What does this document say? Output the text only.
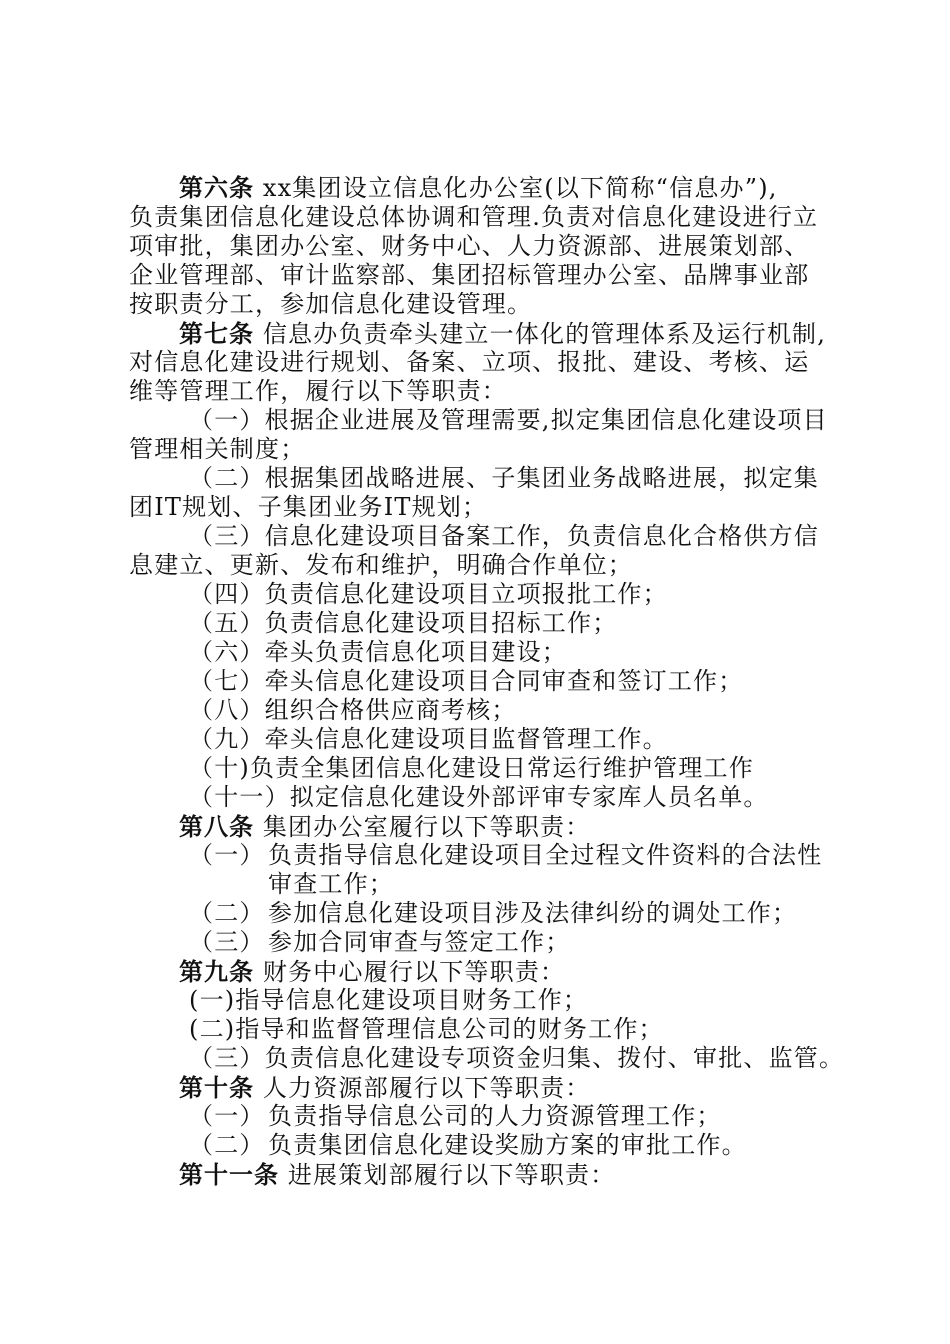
第六条 xx集团设立信息化办公室(以下简称“信息办”),
负责集团信息化建设总体协调和管理.负责对信息化建设进行立
项审批，集团办公室、财务中心、人力资源部、进展策划部、
企业管理部、审计监察部、集团招标管理办公室、品牌事业部
按职责分工，参加信息化建设管理。
第七条 信息办负责牵头建立一体化的管理体系及运行机制,
对信息化建设进行规划、备案、立项、报批、建设、考核、运
维等管理工作，履行以下等职责：
（一）根据企业进展及管理需要,拟定集团信息化建设项目
管理相关制度；
（二）根据集团战略进展、子集团业务战略进展，拟定集
团IT规划、子集团业务IT规划；
（三）信息化建设项目备案工作，负责信息化合格供方信
息建立、更新、发布和维护，明确合作单位；
（四）负责信息化建设项目立项报批工作；
（五）负责信息化建设项目招标工作；
（六）牵头负责信息化项目建设；
（七）牵头信息化建设项目合同审查和签订工作；
（八）组织合格供应商考核；
（九）牵头信息化建设项目监督管理工作。
（十)负责全集团信息化建设日常运行维护管理工作
（十一）拟定信息化建设外部评审专家库人员名单。
第八条 集团办公室履行以下等职责：
（一） 负责指导信息化建设项目全过程文件资料的合法性
审查工作；
（二） 参加信息化建设项目涉及法律纠纷的调处工作；
（三） 参加合同审查与签定工作；
第九条 财务中心履行以下等职责：
(一)指导信息化建设项目财务工作；
(二)指导和监督管理信息公司的财务工作；
（三）负责信息化建设专项资金归集、拨付、审批、监管。
第十条 人力资源部履行以下等职责：
（一） 负责指导信息公司的人力资源管理工作；
（二） 负责集团信息化建设奖励方案的审批工作。
第十一条 进展策划部履行以下等职责：
